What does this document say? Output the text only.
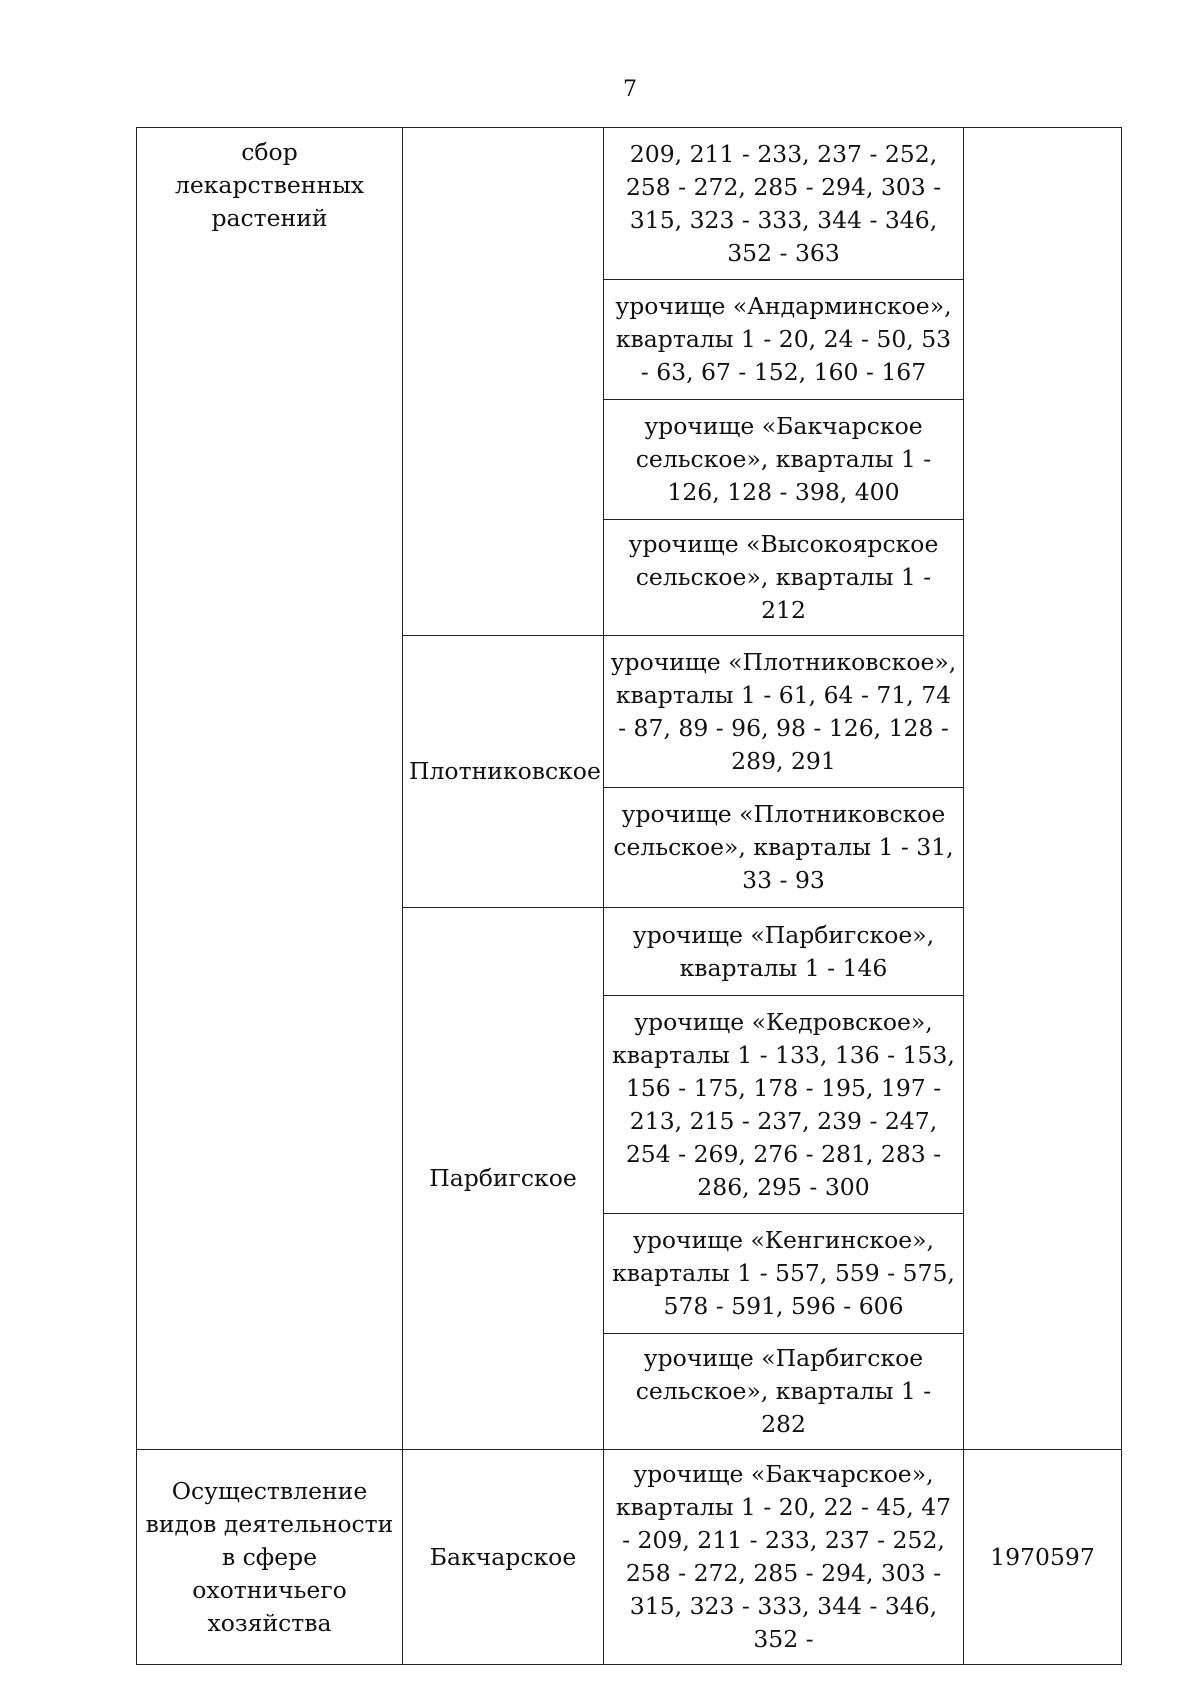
7
сбор лекарственных растений		209, 211 - 233, 237 - 252, 258 - 272, 285 - 294, 303 - 315, 323 - 333, 344 - 346, 352 - 363	
		урочище «Андарминское», кварталы 1 - 20, 24 - 50, 53 - 63, 67 - 152, 160 - 167	
		урочище «Бакчарское сельское», кварталы 1 - 126, 128 - 398, 400	
		урочище «Высокоярское сельское», кварталы 1 - 212	
	Плотниковское	урочище «Плотниковское», кварталы 1 - 61, 64 - 71, 74 - 87, 89 - 96, 98 - 126, 128 - 289, 291	
		урочище «Плотниковское сельское», кварталы 1 - 31, 33 - 93	
	Парбигское	урочище «Парбигское», кварталы 1 - 146	
		урочище «Кедровское», кварталы 1 - 133, 136 - 153, 156 - 175, 178 - 195, 197 - 213, 215 - 237, 239 - 247, 254 - 269, 276 - 281, 283 - 286, 295 - 300	
		урочище «Кенгинское», кварталы 1 - 557, 559 - 575, 578 - 591, 596 - 606	
		урочище «Парбигское сельское», кварталы 1 - 282	
Осуществление видов деятельности в сфере охотничьего хозяйства	Бакчарское	урочище «Бакчарское», кварталы 1 - 20, 22 - 45, 47 - 209, 211 - 233, 237 - 252, 258 - 272, 285 - 294, 303 - 315, 323 - 333, 344 - 346, 352 -	1970597
